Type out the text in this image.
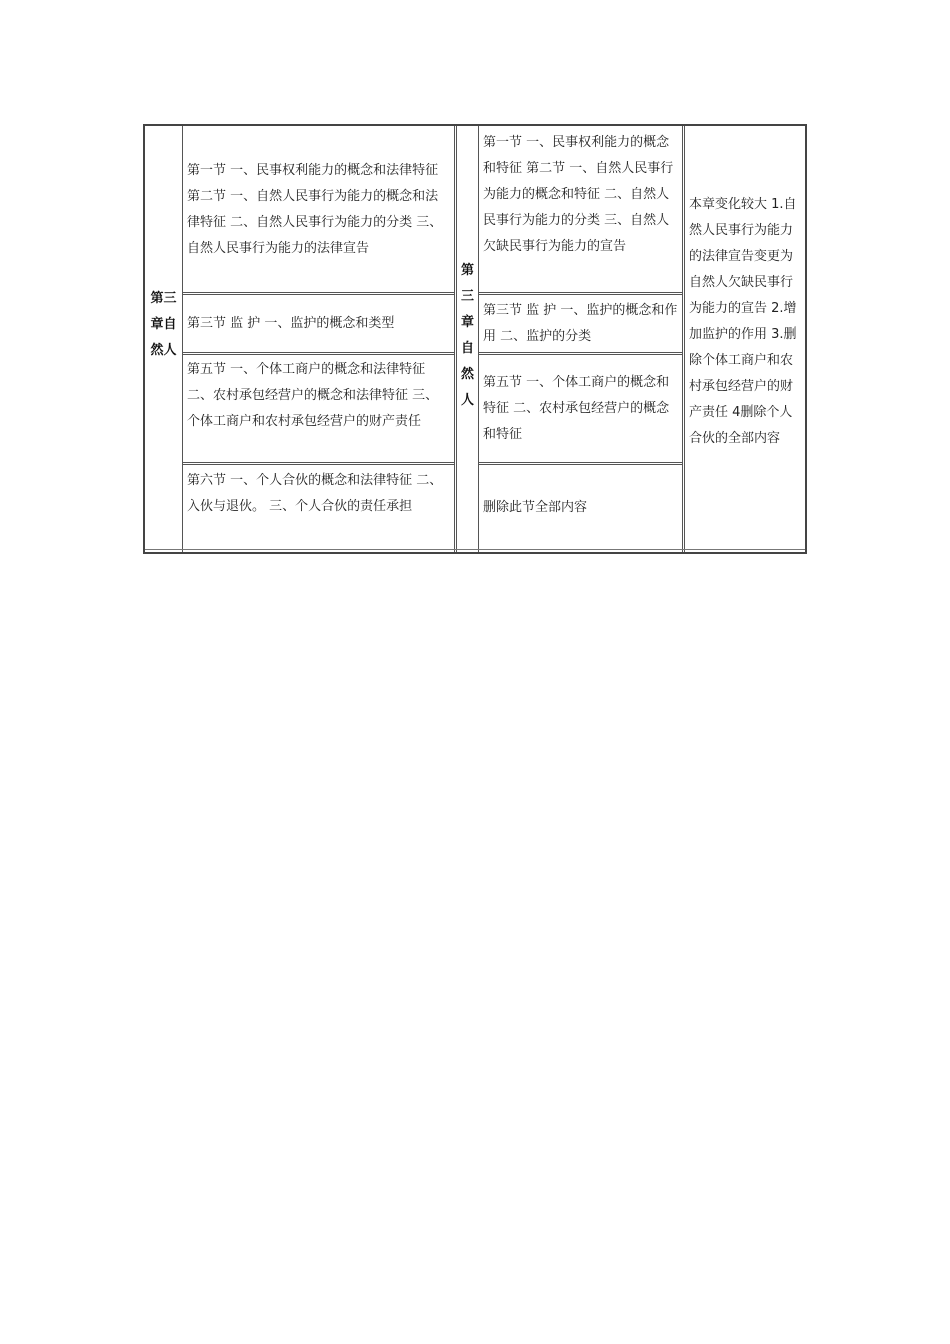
第三章自然人
第一节 一、民事权利能力的概念和法律特征 第二节 一、自然人民事行为能力的概念和法律特征 二、自然人民事行为能力的分类 三、自然人民事行为能力的法律宣告
第三节 监 护 一、监护的概念和类型
第五节 一、个体工商户的概念和法律特征 二、农村承包经营户的概念和法律特征 三、个体工商户和农村承包经营户的财产责任
第六节 一、个人合伙的概念和法律特征 二、入伙与退伙。 三、个人合伙的责任承担
第三章自然人
第一节 一、民事权利能力的概念和特征 第二节 一、自然人民事行为能力的概念和特征 二、自然人民事行为能力的分类 三、自然人欠缺民事行为能力的宣告
第三节 监 护 一、监护的概念和作用 二、监护的分类
第五节 一、个体工商户的概念和特征 二、农村承包经营户的概念和特征
删除此节全部内容
本章变化较大 1.自然人民事行为能力的法律宣告变更为自然人欠缺民事行为能力的宣告 2.增加监护的作用 3.删除个体工商户和农村承包经营户的财产责任 4删除个人合伙的全部内容
